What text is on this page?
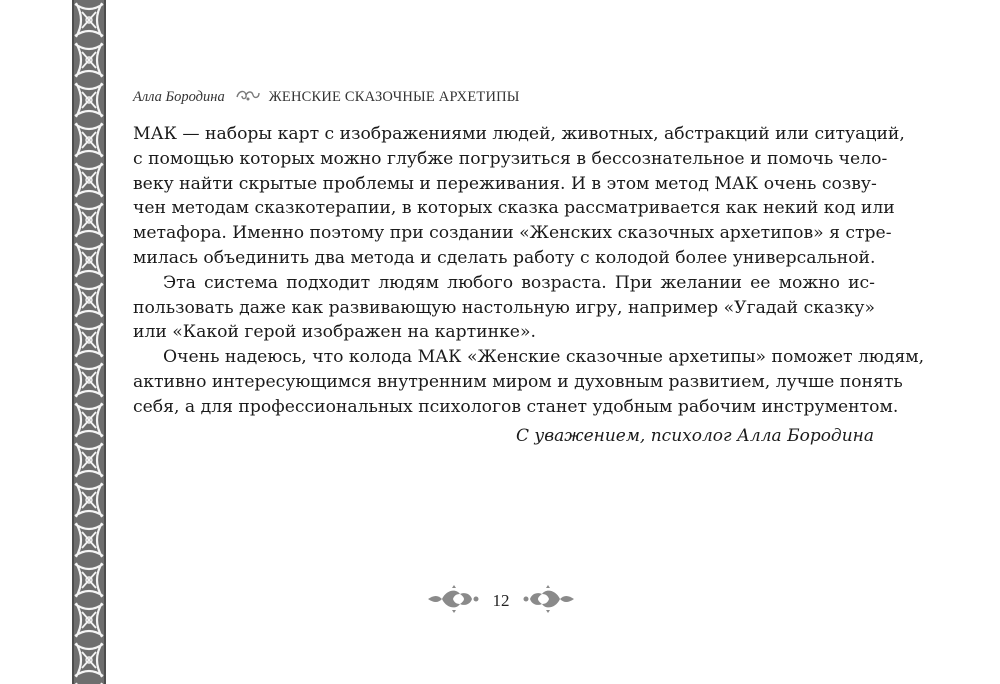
Алла Бородина	ЖЕНСКИЕ СКАЗОЧНЫЕ АРХЕТИПЫ
МАК — наборы карт с изображениями людей, животных, абстракций или ситуаций,
с помощью которых можно глубже погрузиться в бессознательное и помочь чело-
веку найти скрытые проблемы и переживания. И в этом метод МАК очень созву-
чен методам сказкотерапии, в которых сказка рассматривается как некий код или
метафора. Именно поэтому при создании «Женских сказочных архетипов» я стре-
милась объединить два метода и сделать работу с колодой более универсальной.
Эта система подходит людям любого возраста. При желании ее можно ис-
пользовать даже как развивающую настольную игру, например «Угадай сказку»
или «Какой герой изображен на картинке».
Очень надеюсь, что колода МАК «Женские сказочные архетипы» поможет людям,
активно интересующимся внутренним миром и духовным развитием, лучше понять
себя, а для профессиональных психологов станет удобным рабочим инструментом.
С уважением, психолог Алла Бородина
12
